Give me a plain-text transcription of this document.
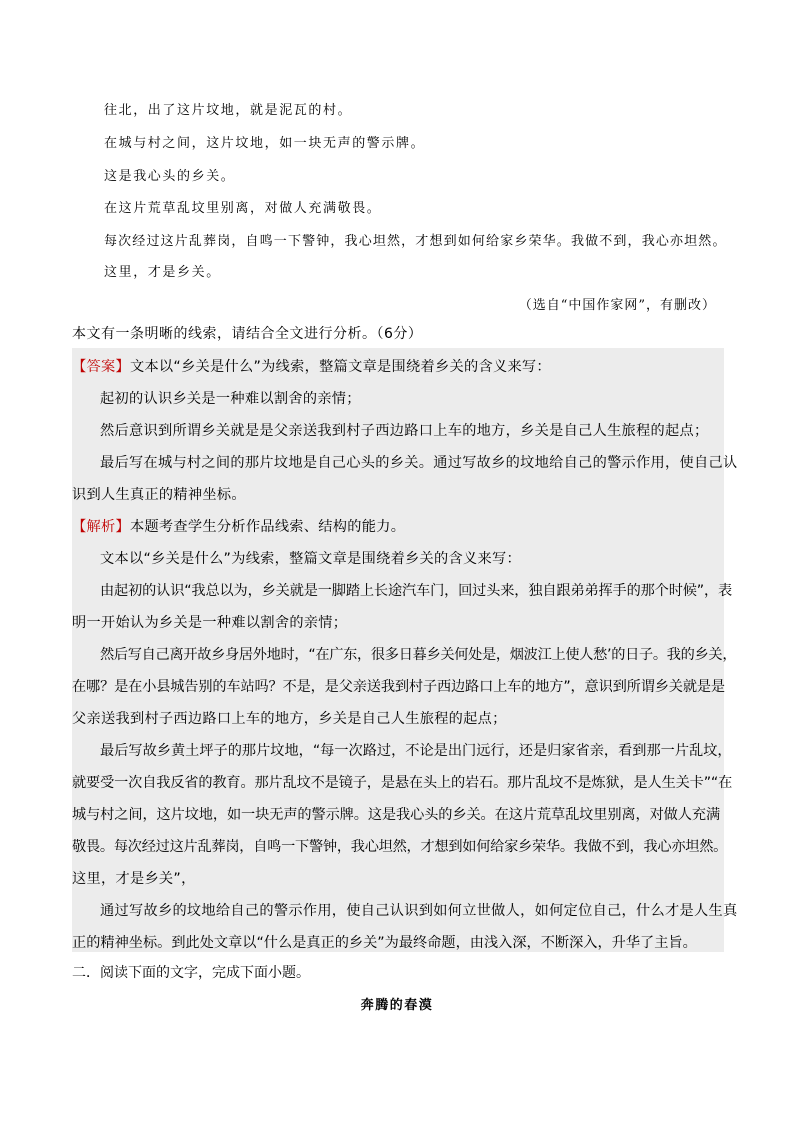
往北，出了这片坟地，就是泥瓦的村。
在城与村之间，这片坟地，如一块无声的警示牌。
这是我心头的乡关。
在这片荒草乱坟里别离，对做人充满敬畏。
每次经过这片乱葬岗，自鸣一下警钟，我心坦然，才想到如何给家乡荣华。我做不到，我心亦坦然。
这里，才是乡关。
（选自“中国作家网”，有删改）
本文有一条明晰的线索，请结合全文进行分析。（6分）
【答案】文本以“乡关是什么”为线索，整篇文章是围绕着乡关的含义来写：
起初的认识乡关是一种难以割舍的亲情；
然后意识到所谓乡关就是是父亲送我到村子西边路口上车的地方，乡关是自己人生旅程的起点；
最后写在城与村之间的那片坟地是自己心头的乡关。通过写故乡的坟地给自己的警示作用，使自己认
识到人生真正的精神坐标。
【解析】本题考查学生分析作品线索、结构的能力。
文本以“乡关是什么”为线索，整篇文章是围绕着乡关的含义来写：
由起初的认识“我总以为，乡关就是一脚踏上长途汽车门，回过头来，独自跟弟弟挥手的那个时候”，表
明一开始认为乡关是一种难以割舍的亲情；
然后写自己离开故乡身居外地时，“在广东，很多日暮乡关何处是，烟波江上使人愁’的日子。我的乡关，
在哪？是在小县城告别的车站吗？不是，是父亲送我到村子西边路口上车的地方”，意识到所谓乡关就是是
父亲送我到村子西边路口上车的地方，乡关是自己人生旅程的起点；
最后写故乡黄土坪子的那片坟地，“每一次路过，不论是出门远行，还是归家省亲，看到那一片乱坟，
就要受一次自我反省的教育。那片乱坟不是镜子，是悬在头上的岩石。那片乱坟不是炼狱，是人生关卡”“在
城与村之间，这片坟地，如一块无声的警示牌。这是我心头的乡关。在这片荒草乱坟里别离，对做人充满
敬畏。每次经过这片乱葬岗，自鸣一下警钟，我心坦然，才想到如何给家乡荣华。我做不到，我心亦坦然。
这里，才是乡关”，
通过写故乡的坟地给自己的警示作用，使自己认识到如何立世做人，如何定位自己，什么才是人生真
正的精神坐标。到此处文章以“什么是真正的乡关”为最终命题，由浅入深，不断深入，升华了主旨。
二．阅读下面的文字，完成下面小题。
奔腾的春漠
